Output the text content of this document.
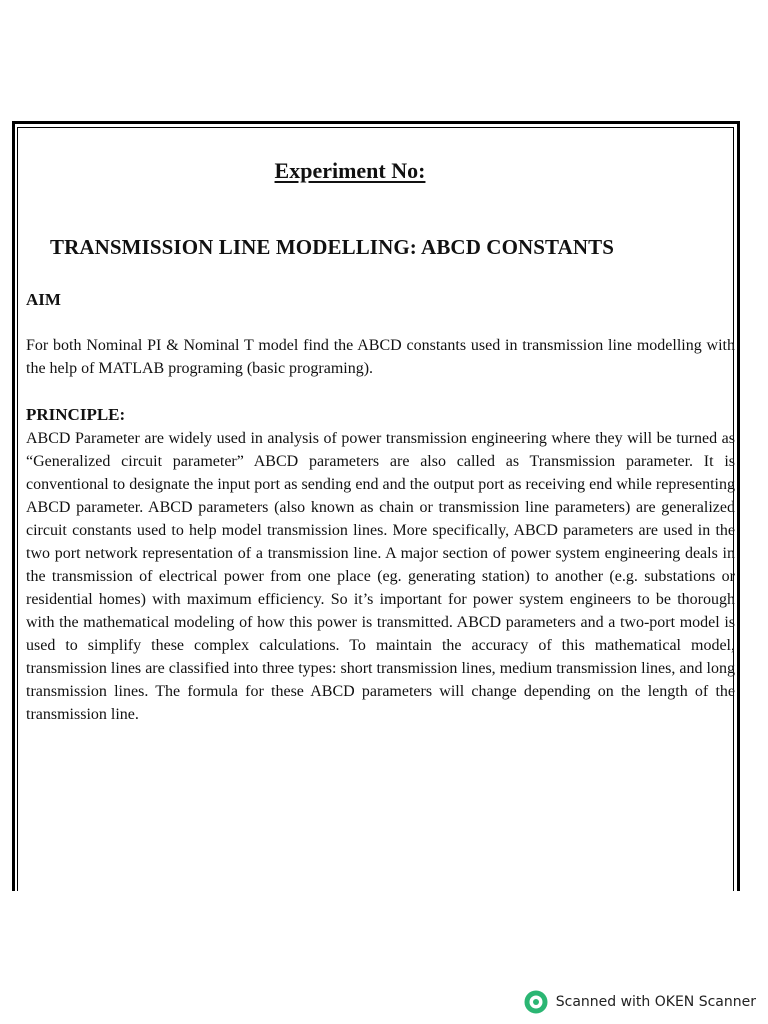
Experiment No:
TRANSMISSION LINE MODELLING: ABCD CONSTANTS
AIM
For both Nominal PI & Nominal T model find the ABCD constants used in transmission line modelling with the help of MATLAB programing (basic programing).
PRINCIPLE:
ABCD Parameter are widely used in analysis of power transmission engineering where they will be turned as “Generalized circuit parameter” ABCD parameters are also called as Transmission parameter. It is conventional to designate the input port as sending end and the output port as receiving end while representing ABCD parameter. ABCD parameters (also known as chain or transmission line parameters) are generalized circuit constants used to help model transmission lines. More specifically, ABCD parameters are used in the two port network representation of a transmission line. A major section of power system engineering deals in the transmission of electrical power from one place (eg. generating station) to another (e.g. substations or residential homes) with maximum efficiency. So it’s important for power system engineers to be thorough with the mathematical modeling of how this power is transmitted. ABCD parameters and a two-port model is used to simplify these complex calculations. To maintain the accuracy of this mathematical model, transmission lines are classified into three types: short transmission lines, medium transmission lines, and long transmission lines. The formula for these ABCD parameters will change depending on the length of the transmission line.
Scanned with OKEN Scanner
